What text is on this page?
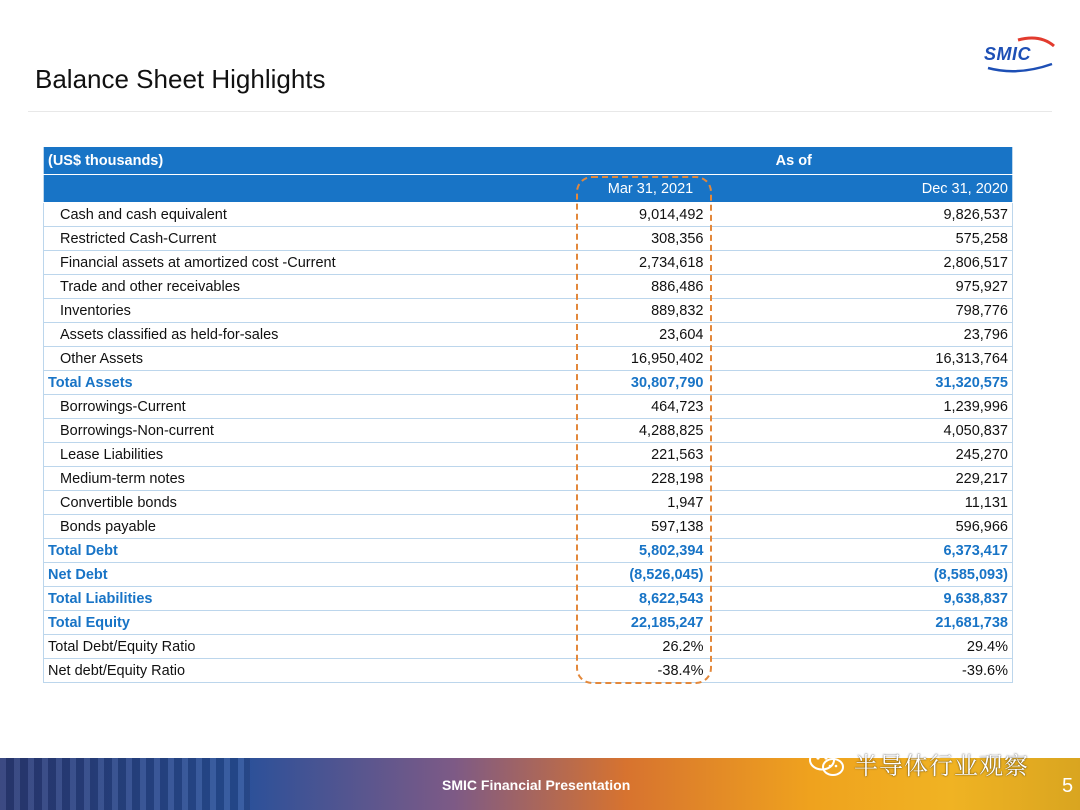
Balance Sheet Highlights
SMIC
(US$ thousands)	As of	
	Mar 31, 2021	Dec 31, 2020
Cash and cash equivalent	9,014,492	9,826,537
Restricted Cash-Current	308,356	575,258
Financial assets at amortized cost -Current	2,734,618	2,806,517
Trade and other receivables	886,486	975,927
Inventories	889,832	798,776
Assets classified as held-for-sales	23,604	23,796
Other Assets	16,950,402	16,313,764
Total Assets	30,807,790	31,320,575
Borrowings-Current	464,723	1,239,996
Borrowings-Non-current	4,288,825	4,050,837
Lease Liabilities	221,563	245,270
Medium-term notes	228,198	229,217
Convertible bonds	1,947	11,131
Bonds payable	597,138	596,966
Total Debt	5,802,394	6,373,417
Net Debt	(8,526,045)	(8,585,093)
Total Liabilities	8,622,543	9,638,837
Total Equity	22,185,247	21,681,738
Total Debt/Equity Ratio	26.2%	29.4%
Net debt/Equity Ratio	-38.4%	-39.6%
SMIC Financial Presentation	5
半导体行业观察
